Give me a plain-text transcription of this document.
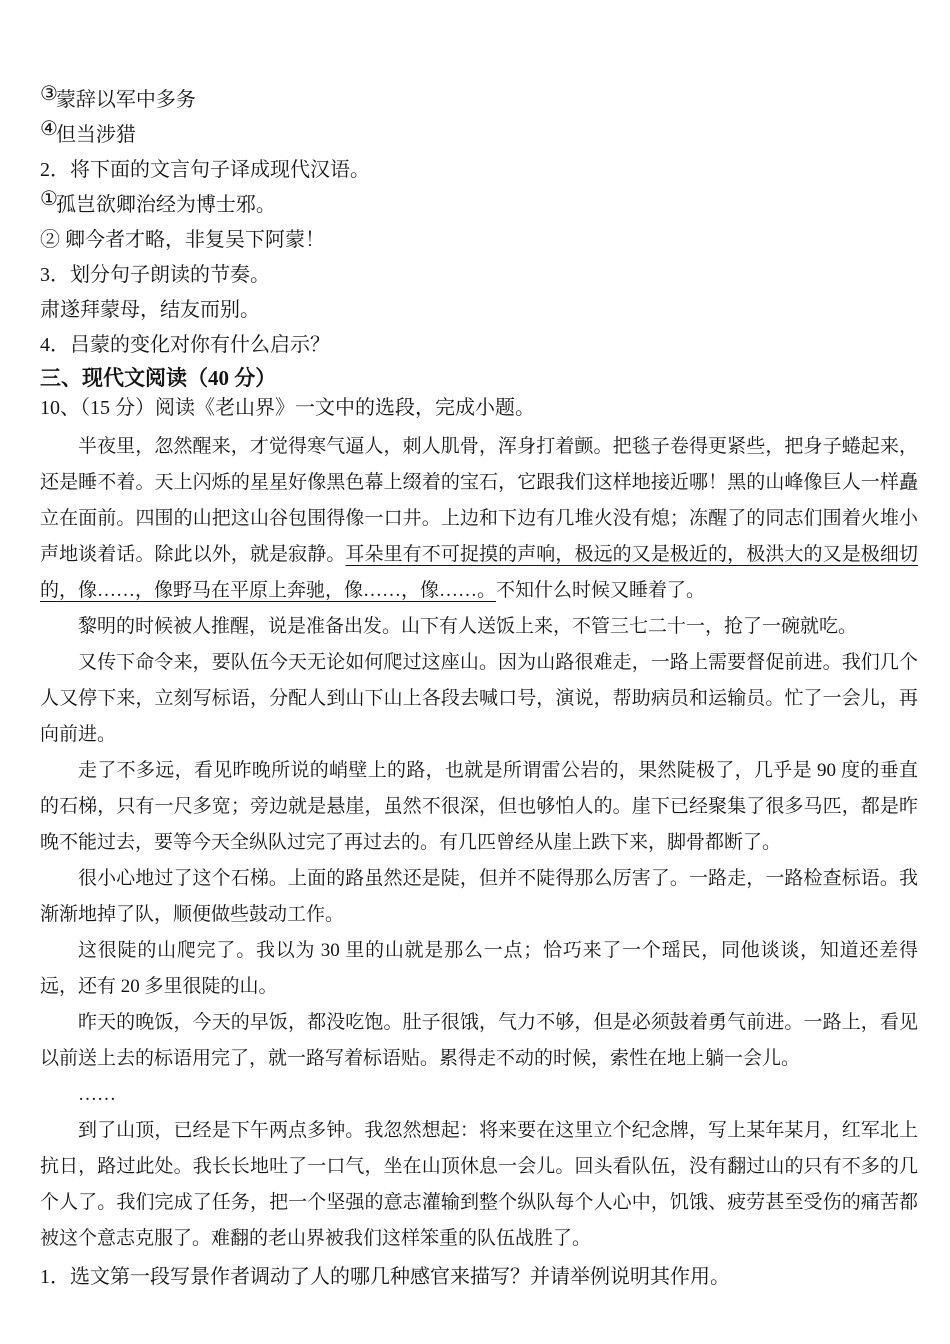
③蒙辞以军中多务
④但当涉猎
2．将下面的文言句子译成现代汉语。
①孤岂欲卿治经为博士邪。
② 卿今者才略，非复吴下阿蒙！
3．划分句子朗读的节奏。
肃遂拜蒙母，结友而别。
4．吕蒙的变化对你有什么启示？
三、现代文阅读（40 分）
10、（15 分）阅读《老山界》一文中的选段，完成小题。

半夜里，忽然醒来，才觉得寒气逼人，刺人肌骨，浑身打着颤。把毯子卷得更紧些，把身子蜷起来，还是睡不着。天上闪烁的星星好像黑色幕上缀着的宝石，它跟我们这样地接近哪！黑的山峰像巨人一样矗立在面前。四围的山把这山谷包围得像一口井。上边和下边有几堆火没有熄；冻醒了的同志们围着火堆小声地谈着话。除此以外，就是寂静。耳朵里有不可捉摸的声响，极远的又是极近的，极洪大的又是极细切的，像……，像野马在平原上奔驰，像……，像……。不知什么时候又睡着了。

黎明的时候被人推醒，说是准备出发。山下有人送饭上来，不管三七二十一，抢了一碗就吃。

又传下命令来，要队伍今天无论如何爬过这座山。因为山路很难走，一路上需要督促前进。我们几个人又停下来，立刻写标语，分配人到山下山上各段去喊口号，演说，帮助病员和运输员。忙了一会儿，再向前进。

走了不多远，看见昨晚所说的峭壁上的路，也就是所谓雷公岩的，果然陡极了，几乎是 90 度的垂直的石梯，只有一尺多宽；旁边就是悬崖，虽然不很深，但也够怕人的。崖下已经聚集了很多马匹，都是昨晚不能过去，要等今天全纵队过完了再过去的。有几匹曾经从崖上跌下来，脚骨都断了。

很小心地过了这个石梯。上面的路虽然还是陡，但并不陡得那么厉害了。一路走，一路检查标语。我渐渐地掉了队，顺便做些鼓动工作。

这很陡的山爬完了。我以为 30 里的山就是那么一点；恰巧来了一个瑶民，同他谈谈，知道还差得远，还有 20 多里很陡的山。

昨天的晚饭，今天的早饭，都没吃饱。肚子很饿，气力不够，但是必须鼓着勇气前进。一路上，看见以前送上去的标语用完了，就一路写着标语贴。累得走不动的时候，索性在地上躺一会儿。

……

到了山顶，已经是下午两点多钟。我忽然想起：将来要在这里立个纪念牌，写上某年某月，红军北上抗日，路过此处。我长长地吐了一口气，坐在山顶休息一会儿。回头看队伍，没有翻过山的只有不多的几个人了。我们完成了任务，把一个坚强的意志灌输到整个纵队每个人心中，饥饿、疲劳甚至受伤的痛苦都被这个意志克服了。难翻的老山界被我们这样笨重的队伍战胜了。

1．选文第一段写景作者调动了人的哪几种感官来描写？并请举例说明其作用。
